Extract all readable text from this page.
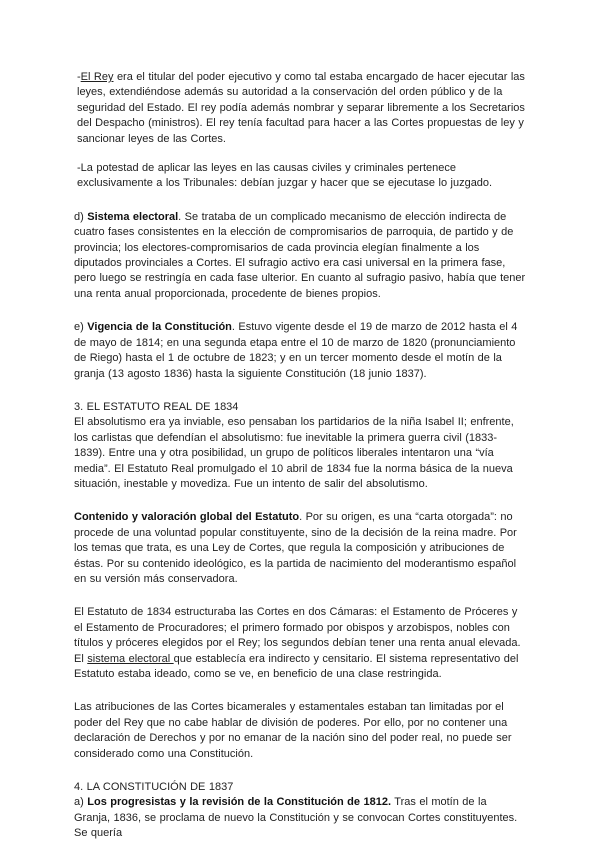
-El Rey era el titular del poder ejecutivo y como tal estaba encargado de hacer ejecutar las leyes, extendiéndose además su autoridad a la conservación del orden público y de la seguridad del Estado. El rey podía además nombrar y separar libremente a los Secretarios del Despacho (ministros). El rey tenía facultad para hacer a las Cortes propuestas de ley y sancionar leyes de las Cortes.

-La potestad de aplicar las leyes en las causas civiles y criminales pertenece exclusivamente a los Tribunales: debían juzgar y hacer que se ejecutase lo juzgado.

d) Sistema electoral. Se trataba de un complicado mecanismo de elección indirecta de cuatro fases consistentes en la elección de compromisarios de parroquia, de partido y de provincia; los electores-compromisarios de cada provincia elegían finalmente a los diputados provinciales a Cortes. El sufragio activo era casi universal en la primera fase, pero luego se restringía en cada fase ulterior. En cuanto al sufragio pasivo, había que tener una renta anual proporcionada, procedente de bienes propios.

e) Vigencia de la Constitución. Estuvo vigente desde el 19 de marzo de 2012 hasta el 4 de mayo de 1814; en una segunda etapa entre el 10 de marzo de 1820 (pronunciamiento de Riego) hasta el 1 de octubre de 1823; y en un tercer momento desde el motín de la granja (13 agosto 1836) hasta la siguiente Constitución (18 junio 1837).

3. EL ESTATUTO REAL DE 1834

El absolutismo era ya inviable, eso pensaban los partidarios de la niña Isabel II; enfrente, los carlistas que defendían el absolutismo: fue inevitable la primera guerra civil (1833-1839). Entre una y otra posibilidad, un grupo de políticos liberales intentaron una “vía media”. El Estatuto Real promulgado el 10 abril de 1834 fue la norma básica de la nueva situación, inestable y movediza. Fue un intento de salir del absolutismo.

Contenido y valoración global del Estatuto. Por su origen, es una “carta otorgada”: no procede de una voluntad popular constituyente, sino de la decisión de la reina madre. Por los temas que trata, es una Ley de Cortes, que regula la composición y atribuciones de éstas. Por su contenido ideológico, es la partida de nacimiento del moderantismo español en su versión más conservadora.

El Estatuto de 1834 estructuraba las Cortes en dos Cámaras: el Estamento de Próceres y el Estamento de Procuradores; el primero formado por obispos y arzobispos, nobles con títulos y próceres elegidos por el Rey; los segundos debían tener una renta anual elevada. El sistema electoral que establecía era indirecto y censitario. El sistema representativo del Estatuto estaba ideado, como se ve, en beneficio de una clase restringida.

Las atribuciones de las Cortes bicamerales y estamentales estaban tan limitadas por el poder del Rey que no cabe hablar de división de poderes. Por ello, por no contener una declaración de Derechos y por no emanar de la nación sino del poder real, no puede ser considerado como una Constitución.

4. LA CONSTITUCIÓN DE 1837

a) Los progresistas y la revisión de la Constitución de 1812. Tras el motín de la Granja, 1836, se proclama de nuevo la Constitución y se convocan Cortes constituyentes. Se quería
